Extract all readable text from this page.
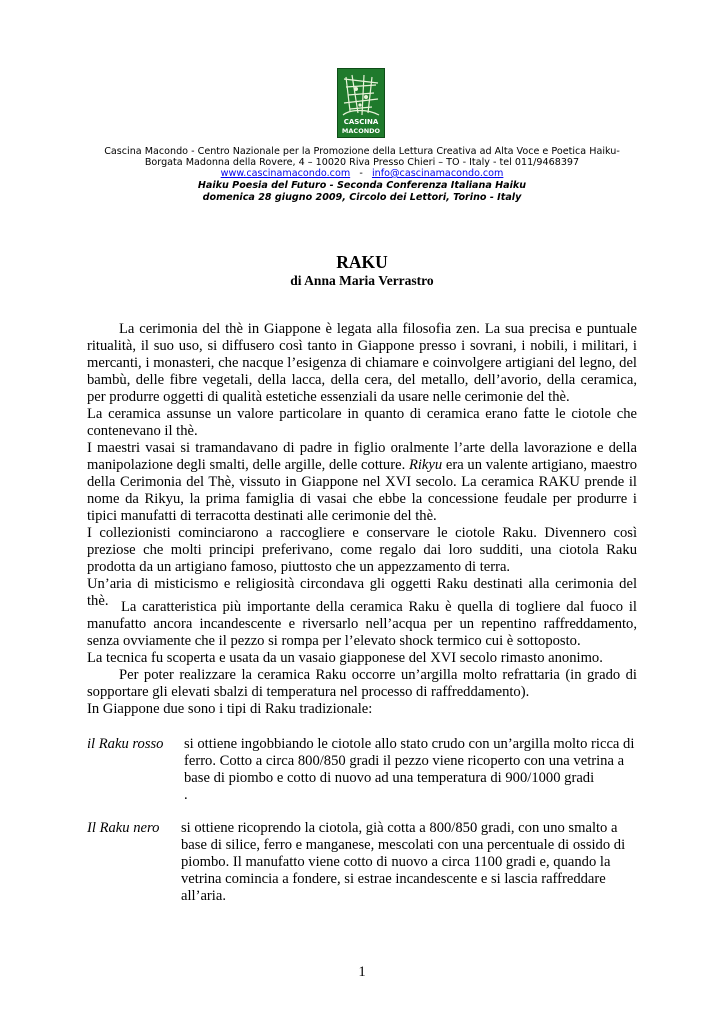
CASCINA
MACONDO
Cascina Macondo - Centro Nazionale per la Promozione della Lettura Creativa ad Alta Voce e Poetica Haiku-
Borgata Madonna della Rovere, 4 – 10020 Riva Presso Chieri – TO - Italy - tel 011/9468397
www.cascinamacondo.com - info@cascinamacondo.com
Haiku Poesia del Futuro - Seconda Conferenza Italiana Haiku
domenica 28 giugno 2009, Circolo dei Lettori, Torino - Italy
RAKU
di Anna Maria Verrastro

La cerimonia del thè in Giappone è legata alla filosofia zen. La sua precisa e puntuale ritualità, il suo uso, si diffusero così tanto in Giappone presso i sovrani, i nobili, i militari, i mercanti, i monasteri, che nacque l’esigenza di chiamare e coinvolgere artigiani del legno, del bambù, delle fibre vegetali, della lacca, della cera, del metallo, dell’avorio, della ceramica, per produrre oggetti di qualità estetiche essenziali da usare nelle cerimonie del thè.

La ceramica assunse un valore particolare in quanto di ceramica erano fatte le ciotole che contenevano il thè.

I maestri vasai si tramandavano di padre in figlio oralmente l’arte della lavorazione e della manipolazione degli smalti, delle argille, delle cotture. Rikyu era un valente artigiano, maestro della Cerimonia del Thè, vissuto in Giappone nel XVI secolo. La ceramica RAKU prende il nome da Rikyu, la prima famiglia di vasai che ebbe la concessione feudale per produrre i tipici manufatti di terracotta destinati alle cerimonie del thè.

I collezionisti cominciarono a raccogliere e conservare le ciotole Raku. Divennero così preziose che molti principi preferivano, come regalo dai loro sudditi, una ciotola Raku prodotta da un artigiano famoso, piuttosto che un appezzamento di terra.

Un’aria di misticismo e religiosità circondava gli oggetti Raku destinati alla cerimonia del thè. La caratteristica più importante della ceramica Raku è quella di togliere dal fuoco il manufatto ancora incandescente e riversarlo nell’acqua per un repentino raffreddamento, senza ovviamente che il pezzo si rompa per l’elevato shock termico cui è sottoposto.

La tecnica fu scoperta e usata da un vasaio giapponese del XVI secolo rimasto anonimo.

Per poter realizzare la ceramica Raku occorre un’argilla molto refrattaria (in grado di sopportare gli elevati sbalzi di temperatura nel processo di raffreddamento).

In Giappone due sono i tipi di Raku tradizionale:

il Raku rosso si ottiene ingobbiando le ciotole allo stato crudo con un’argilla molto ricca di
ferro. Cotto a circa 800/850 gradi il pezzo viene ricoperto con una vetrina a
base di piombo e cotto di nuovo ad una temperatura di 900/1000 gradi
.
Il Raku nero si ottiene ricoprendo la ciotola, già cotta a 800/850 gradi, con uno smalto a
base di silice, ferro e manganese, mescolati con una percentuale di ossido di
piombo. Il manufatto viene cotto di nuovo a circa 1100 gradi e, quando la
vetrina comincia a fondere, si estrae incandescente e si lascia raffreddare
all’aria.
1
